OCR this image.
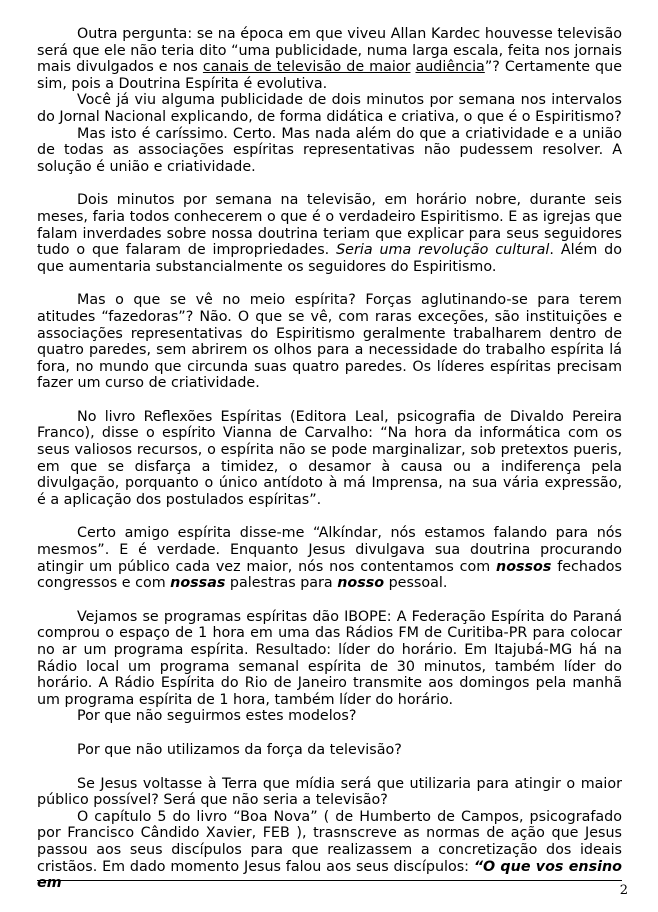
Outra pergunta: se na época em que viveu Allan Kardec houvesse televisão será que ele não teria dito “uma publicidade, numa larga escala, feita nos jornais mais divulgados e nos canais de televisão de maior audiência”? Certamente que sim, pois a Doutrina Espírita é evolutiva.

Você já viu alguma publicidade de dois minutos por semana nos intervalos do Jornal Nacional explicando, de forma didática e criativa, o que é o Espiritismo?

Mas isto é caríssimo. Certo. Mas nada além do que a criatividade e a união de todas as associações espíritas representativas não pudessem resolver. A solução é união e criatividade.

Dois minutos por semana na televisão, em horário nobre, durante seis meses, faria todos conhecerem o que é o verdadeiro Espiritismo. E as igrejas que falam inverdades sobre nossa doutrina teriam que explicar para seus seguidores tudo o que falaram de impropriedades. Seria uma revolução cultural. Além do que aumentaria substancialmente os seguidores do Espiritismo.

Mas o que se vê no meio espírita? Forças aglutinando-se para terem atitudes “fazedoras”? Não. O que se vê, com raras exceções, são instituições e associações representativas do Espiritismo geralmente trabalharem dentro de quatro paredes, sem abrirem os olhos para a necessidade do trabalho espírita lá fora, no mundo que circunda suas quatro paredes. Os líderes espíritas precisam fazer um curso de criatividade.

No livro Reflexões Espíritas (Editora Leal, psicografia de Divaldo Pereira Franco), disse o espírito Vianna de Carvalho: “Na hora da informática com os seus valiosos recursos, o espírita não se pode marginalizar, sob pretextos pueris, em que se disfarça a timidez, o desamor à causa ou a indiferença pela divulgação, porquanto o único antídoto à má Imprensa, na sua vária expressão, é a aplicação dos postulados espíritas”.

Certo amigo espírita disse-me “Alkíndar, nós estamos falando para nós mesmos”. E é verdade. Enquanto Jesus divulgava sua doutrina procurando atingir um público cada vez maior, nós nos contentamos com nossos fechados congressos e com nossas palestras para nosso pessoal.

Vejamos se programas espíritas dão IBOPE: A Federação Espírita do Paraná comprou o espaço de 1 hora em uma das Rádios FM de Curitiba-PR para colocar no ar um programa espírita. Resultado: líder do horário. Em Itajubá-MG há na Rádio local um programa semanal espírita de 30 minutos, também líder do horário. A Rádio Espírita do Rio de Janeiro transmite aos domingos pela manhã um programa espírita de 1 hora, também líder do horário.

Por que não seguirmos estes modelos?

Por que não utilizamos da força da televisão?

Se Jesus voltasse à Terra que mídia será que utilizaria para atingir o maior público possível? Será que não seria a televisão?

O capítulo 5 do livro “Boa Nova” ( de Humberto de Campos, psicografado por Francisco Cândido Xavier, FEB ), trasnscreve as normas de ação que Jesus passou aos seus discípulos para que realizassem a concretização dos ideais cristãos. Em dado momento Jesus falou aos seus discípulos: “O que vos ensino em	2
